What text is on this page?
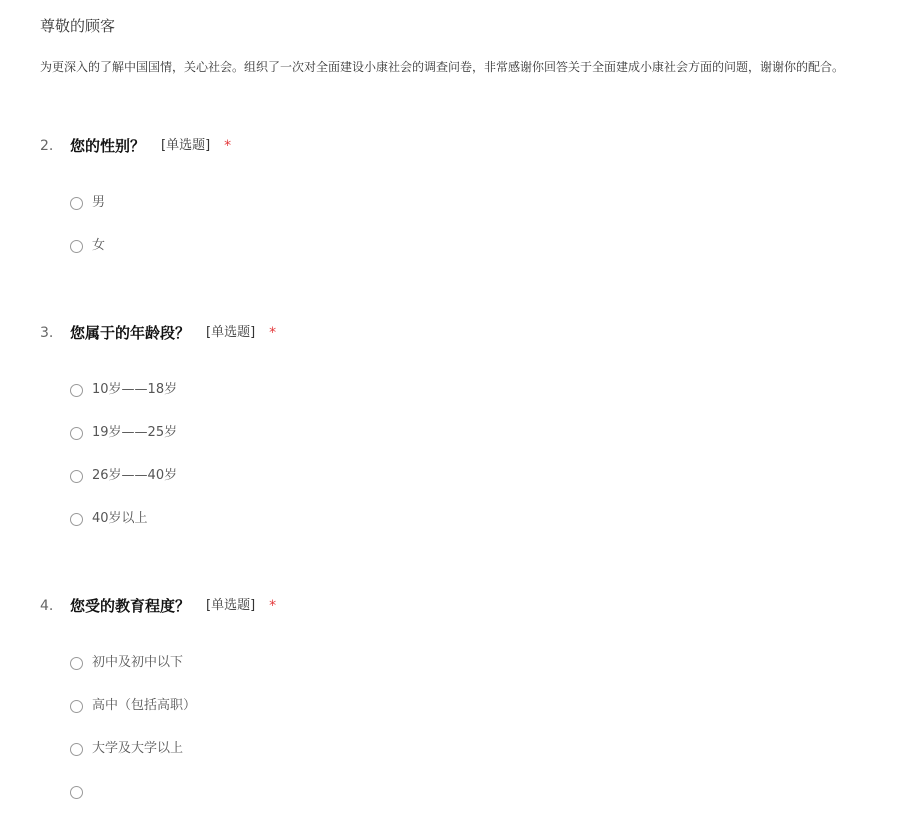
尊敬的顾客
为更深入的了解中国国情，关心社会。组织了一次对全面建设小康社会的调查问卷，非常感谢你回答关于全面建成小康社会方面的问题，谢谢你的配合。
2. 您的性别？ [单选题] *
男
女
3. 您属于的年龄段？ [单选题] *
10岁——18岁
19岁——25岁
26岁——40岁
40岁以上
4. 您受的教育程度？ [单选题] *
初中及初中以下
高中（包括高职）
大学及大学以上
